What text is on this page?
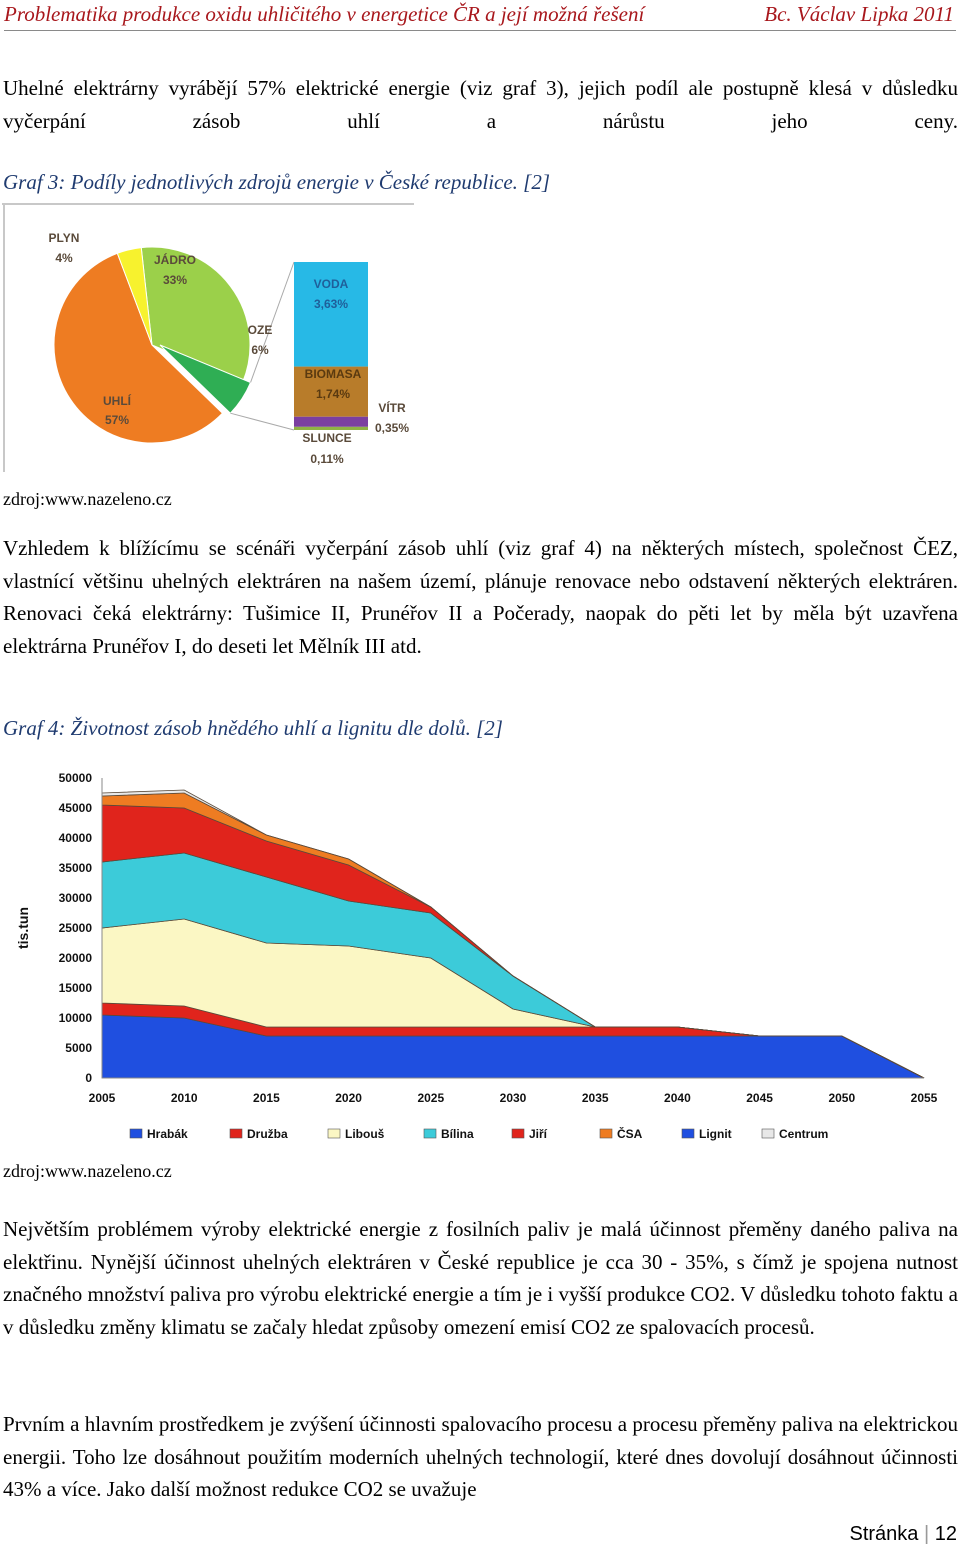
Problematika produkce oxidu uhličitého v energetice ČR a její možná řešení	Bc. Václav Lipka 2011

Uhelné elektrárny vyrábějí 57% elektrické energie (viz graf 3), jejich podíl ale postupně klesá v důsledku vyčerpání zásob uhlí a nárůstu jeho ceny.

Graf 3: Podíly jednotlivých zdrojů energie v České republice. [2]

JÁDRO
33%
OZE
6%
UHLÍ
57%
PLYN
4%
VODA
3,63%
BIOMASA
1,74%
VÍTR
0,35%
SLUNCE
0,11%

zdroj:www.nazeleno.cz

Vzhledem k blížícímu se scénáři vyčerpání zásob uhlí (viz graf 4) na některých místech, společnost ČEZ, vlastnící většinu uhelných elektráren na našem území, plánuje renovace nebo odstavení některých elektráren. Renovaci čeká elektrárny: Tušimice II, Prunéřov II a Počerady, naopak do pěti let by měla být uzavřena elektrárna Prunéřov I, do deseti let Mělník III atd.

Graf 4: Životnost zásob hnědého uhlí a lignitu dle dolů. [2]

0
5000
10000
15000
20000
25000
30000
35000
40000
45000
50000
2005	2010	2015	2020	2025	2030	2035	2040	2045	2050	2055
tis.tun
Hrabák	Družba	Libouš	Bílina	Jiří	ČSA	Lignit	Centrum

zdroj:www.nazeleno.cz

Největším problémem výroby elektrické energie z fosilních paliv je malá účinnost přeměny daného paliva na elektřinu. Nynější účinnost uhelných elektráren v České republice je cca 30 - 35%, s čímž je spojena nutnost značného množství paliva pro výrobu elektrické energie a tím je i vyšší produkce CO2. V důsledku tohoto faktu a v důsledku změny klimatu se začaly hledat způsoby omezení emisí CO2 ze spalovacích procesů.

Prvním a hlavním prostředkem je zvýšení účinnosti spalovacího procesu a procesu přeměny paliva na elektrickou energii. Toho lze dosáhnout použitím moderních uhelných technologií, které dnes dovolují dosáhnout účinnosti 43% a více. Jako další možnost redukce CO2 se uvažuje

Stránka | 12
